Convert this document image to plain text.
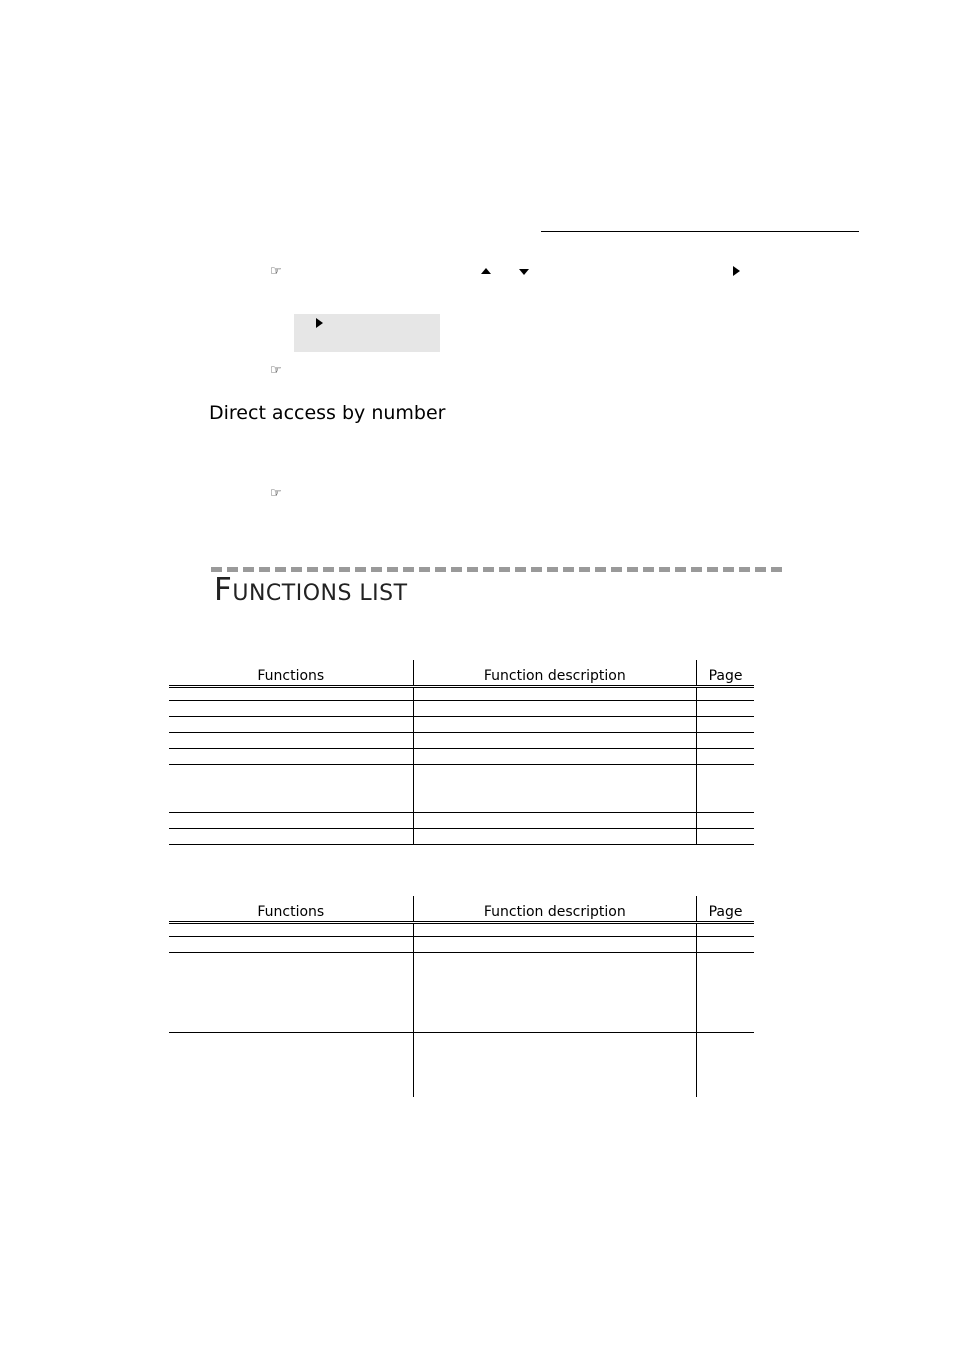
☞
☞
Direct access by number
☞
FUNCTIONS LIST
Functions	Function description	Page

Functions	Function description	Page
